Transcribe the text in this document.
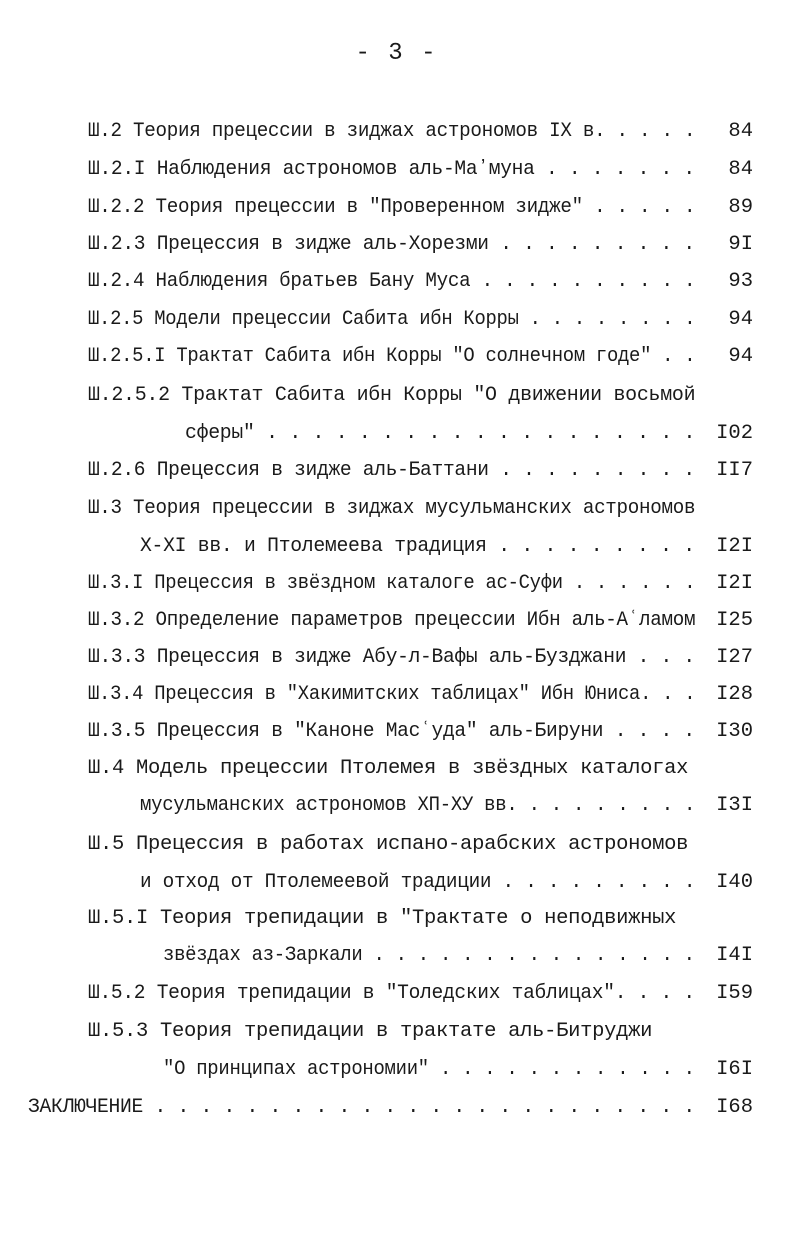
- 3 -
Ш.2 Теория прецессии в зиджах астрономов IX в. . . . . 84
Ш.2.I Наблюдения астрономов аль-Маʼмуна . . . . . . . 84
Ш.2.2 Теория прецессии в "Проверенном зидже" . . . . . 89
Ш.2.3 Прецессия в зидже аль-Хорезми . . . . . . . . . 9I
Ш.2.4 Наблюдения братьев Бану Муса . . . . . . . . . . 93
Ш.2.5 Модели прецессии Сабита ибн Корры . . . . . . . . 94
Ш.2.5.I Трактат Сабита ибн Корры "О солнечном годе" . . 94
Ш.2.5.2 Трактат Сабита ибн Корры "О движении восьмой
сферы" . . . . . . . . . . . . . . . . . . . I02
Ш.2.6 Прецессия в зидже аль-Баттани . . . . . . . . . II7
Ш.3 Теория прецессии в зиджах мусульманских астрономов
Х-XI вв. и Птолемеева традиция . . . . . . . . . I2I
Ш.3.I Прецессия в звёздном каталоге ас-Суфи . . . . . . I2I
Ш.3.2 Определение параметров прецессии Ибн аль-Аʿламом I25
Ш.3.3 Прецессия в зидже Абу-л-Вафы аль-Бузджани . . . I27
Ш.3.4 Прецессия в "Хакимитских таблицах" Ибн Юниса. . . I28
Ш.3.5 Прецессия в "Каноне Масʿуда" аль-Бируни . . . . I30
Ш.4 Модель прецессии Птолемея в звёздных каталогах
мусульманских астрономов ХП-ХУ вв. . . . . . . . . I3I
Ш.5 Прецессия в работах испано-арабских астрономов
и отход от Птолемеевой традиции . . . . . . . . . I40
Ш.5.I Теория трепидации в "Трактате о неподвижных
звёздах аз-Заркали . . . . . . . . . . . . . . . I4I
Ш.5.2 Теория трепидации в "Толедских таблицах". . . . I59
Ш.5.3 Теория трепидации в трактате аль-Битруджи
"О принципах астрономии" . . . . . . . . . . . . I6I
ЗАКЛЮЧЕНИЕ . . . . . . . . . . . . . . . . . . . . . . . . I68
